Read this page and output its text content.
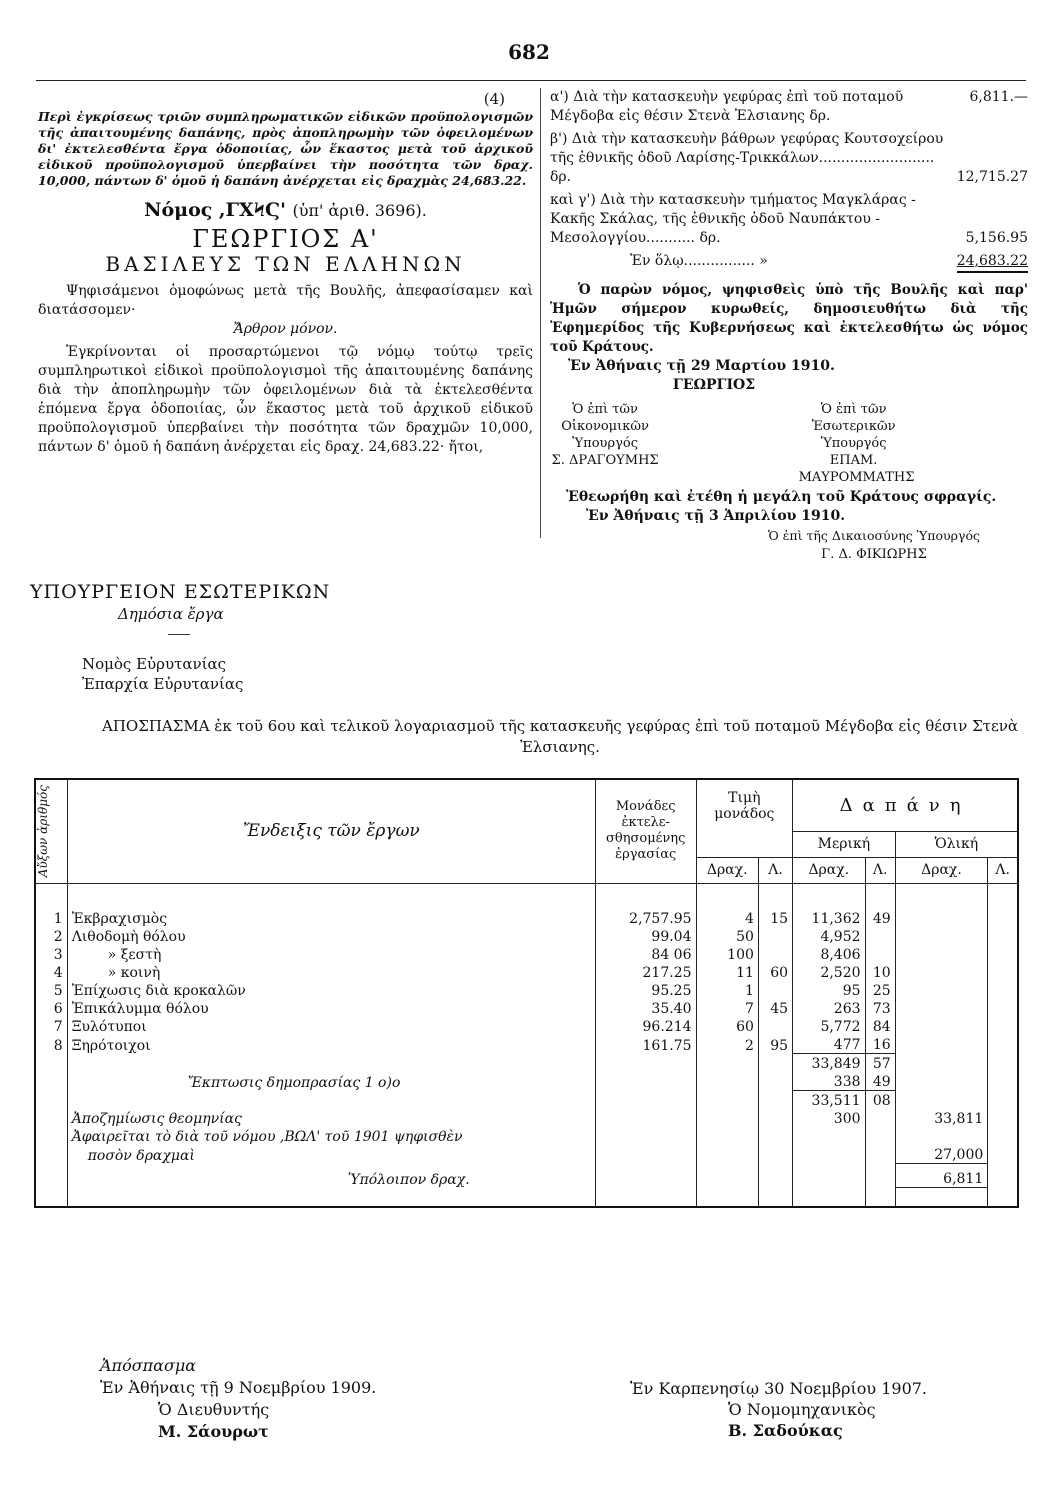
682
(4)
Περὶ ἐγκρίσεως τριῶν συμπληρωματικῶν εἰδικῶν προϋπολογισμῶν τῆς ἀπαιτουμένης δαπάνης, πρὸς ἀποπληρωμὴν τῶν ὀφειλομένων δι' ἐκτελεσθέντα ἔργα ὁδοποιίας, ὧν ἕκαστος μετὰ τοῦ ἀρχικοῦ εἰδικοῦ προϋπολογισμοῦ ὑπερβαίνει τὴν ποσότητα τῶν δραχ. 10,000, πάντων δ' ὁμοῦ ἡ δαπάνη ἀνέρχεται εἰς δραχμὰς 24,683.22.
Νόμος ,ΓΧϞϚ' (ὑπ' ἀριθ. 3696).
ΓΕΩΡΓΙΟΣ Α'
ΒΑΣΙΛΕΥΣ ΤΩΝ ΕΛΛΗΝΩΝ
Ψηφισάμενοι ὁμοφώνως μετὰ τῆς Βουλῆς, ἀπεφασίσαμεν καὶ διατάσσομεν·
Ἄρθρον μόνον.
Ἐγκρίνονται οἱ προσαρτώμενοι τῷ νόμῳ τούτῳ τρεῖς συμπληρωτικοὶ εἰδικοὶ προϋπολογισμοὶ τῆς ἀπαιτουμένης δαπάνης διὰ τὴν ἀποπληρωμὴν τῶν ὀφειλομένων διὰ τὰ ἐκτελεσθέντα ἐπόμενα ἔργα ὁδοποιίας, ὧν ἕκαστος μετὰ τοῦ ἀρχικοῦ εἰδικοῦ προϋπολογισμοῦ ὑπερβαίνει τὴν ποσότητα τῶν δραχμῶν 10,000, πάντων δ' ὁμοῦ ἡ δαπάνη ἀνέρχεται εἰς δραχ. 24,683.22· ἤτοι,
α') Διὰ τὴν κατασκευὴν γεφύρας ἐπὶ τοῦ ποταμοῦ Μέγδοβα εἰς θέσιν Στενὰ Ἐλσιανης δρ.
6,811.—
β') Διὰ τὴν κατασκευὴν βάθρων γεφύρας Κουτσοχείρου τῆς ἐθνικῆς ὁδοῦ Λαρίσης-Τρικκάλων.......................... δρ.	12,715.27
καὶ γ') Διὰ τὴν κατασκευὴν τμήματος Μαγκλάρας - Κακῆς Σκάλας, τῆς ἐθνικῆς ὁδοῦ Ναυπάκτου - Μεσολογγίου........... δρ.	5,156.95
Ἐν ὅλῳ................ »	24,683.22
Ὁ παρὼν νόμος, ψηφισθεὶς ὑπὸ τῆς Βουλῆς καὶ παρ' Ἡμῶν σήμερον κυρωθείς, δημοσιευθήτω διὰ τῆς Ἐφημερίδος τῆς Κυβερνήσεως καὶ ἐκτελεσθήτω ὡς νόμος τοῦ Κράτους.
Ἐν Ἀθήναις τῇ 29 Μαρτίου 1910.
ΓΕΩΡΓΙΟΣ
Ὁ ἐπὶ τῶν Οἰκονομικῶν Ὑπουργός
Σ. ΔΡΑΓΟΥΜΗΣ
Ὁ ἐπὶ τῶν Ἐσωτερικῶν Ὑπουργός
ΕΠΑΜ. ΜΑΥΡΟΜΜΑΤΗΣ
Ἐθεωρήθη καὶ ἐτέθη ἡ μεγάλη τοῦ Κράτους σφραγίς.
Ἐν Ἀθήναις τῇ 3 Ἀπριλίου 1910.
Ὁ ἐπὶ τῆς Δικαιοσύνης Ὑπουργός
Γ. Δ. ΦΙΚΙΩΡΗΣ
ΥΠΟΥΡΓΕΙΟΝ ΕΣΩΤΕΡΙΚΩΝ
Δημόσια ἔργα
Νομὸς Εὐρυτανίας
Ἐπαρχία Εὐρυτανίας
ΑΠΟΣΠΑΣΜΑ ἐκ τοῦ 6ου καὶ τελικοῦ λογαριασμοῦ τῆς κατασκευῆς γεφύρας ἐπὶ τοῦ ποταμοῦ Μέγδοβα εἰς θέσιν Στενὰ Ἐλσιανης.
Αὔξων ἀριθμός	Ἔνδειξις τῶν ἔργων	Μονάδες ἐκτελε-σθησομένης ἐργασίας	Τιμὴ μονάδος		Δαπάνη			
					Μερική		Ὁλική	
			Δραχ.	Λ.	Δραχ.	Λ.	Δραχ.	Λ.

1	Ἐκβραχισμὸς	2,757.95	4	15	11,362	49		
2	Λιθοδομὴ θόλου	99.04	50		4,952			
3	» ξεστὴ	84 06	100		8,406			
4	» κοινὴ	217.25	11	60	2,520	10		
5	Ἐπίχωσις διὰ κροκαλῶν	95.25	1		95	25		
6	Ἐπικάλυμμα θόλου	35.40	7	45	263	73		
7	Ξυλότυποι	96.214	60		5,772	84		
8	Ξηρότοιχοι	161.75	2	95	477	16		
					33,849	57		
	Ἔκπτωσις δημοπρασίας 1 ο)ο				338	49		
					33,511	08		
	Ἀποζημίωσις θεομηνίας				300		33,811	
	Ἀφαιρεῖται τὸ διὰ τοῦ νόμου ,ΒΩΛ' τοῦ 1901 ψηφισθὲν							
	ποσὸν δραχμαὶ						27,000	
	Ὑπόλοιπον δραχ.						6,811	

Ἀπόσπασμα
Ἐν Ἀθήναις τῇ 9 Νοεμβρίου 1909.
Ὁ Διευθυντής
Μ. Σάουρωτ
Ἐν Καρπενησίῳ 30 Νοεμβρίου 1907.
Ὁ Νομομηχανικὸς
Β. Σαδούκας
